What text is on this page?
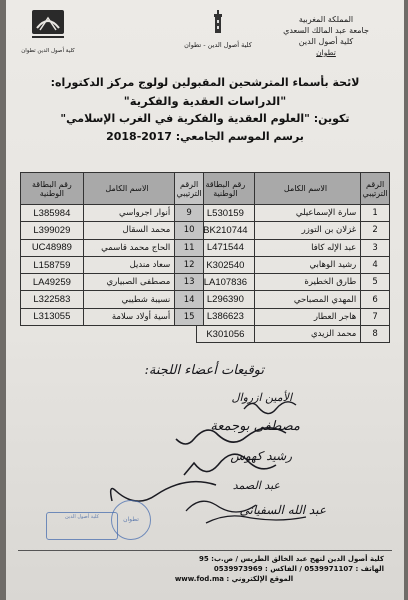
المملكة المغربية
جامعة عبد المالك السعدي
كلية أصول الدين
تطوان
كلية أصول الدين - تطوان
كلية أصول الدين تطوان
لائحة بأسماء المترشحين المقبولين لولوج مركز الدكتوراه:
"الدراسات العقدية والفكرية"
تكوين: "العلوم العقدية والفكرية في الغرب الإسلامي"
برسم الموسم الجامعي: 2017-2018
الرقم الترتيبي	الاسم الكامل	رقم البطاقة الوطنية
1	سارة الإسماعيلي	L530159
2	غزلان بن التوزر	BK210744
3	عبد الإله كافا	L471544
4	رشيد الوهابي	K302540
5	طارق الخطيرة	LA107836
6	المهدي المصباحي	L296390
7	هاجر العطار	L386623
8	محمد الزيدي	K301056
الرقم الترتيبي	الاسم الكامل	رقم البطاقة الوطنية
9	أنوار اجرواسي	L385984
10	محمد السقال	L399029
11	الحاج محمد قاسمي	UC48989
12	سعاد منديل	L158759
13	مصطفى الصبياري	LA49259
14	نسيبة شطيبي	L322583
15	أسية أولاد سلامة	L313055
توقيعات أعضاء اللجنة:
الأمين ازروال
مصطفى بوجمعة
رشيد كهوس
عبد الصمد
عبد الله السفياني
كلية أصول الدين	تطوان
كلية أصول الدين لنهج عبد الخالق الطريس / ص.ب: 95
الهاتف : 0539971107 / الفاكس : 0539973969
الموقع الإلكتروني : www.fod.ma
